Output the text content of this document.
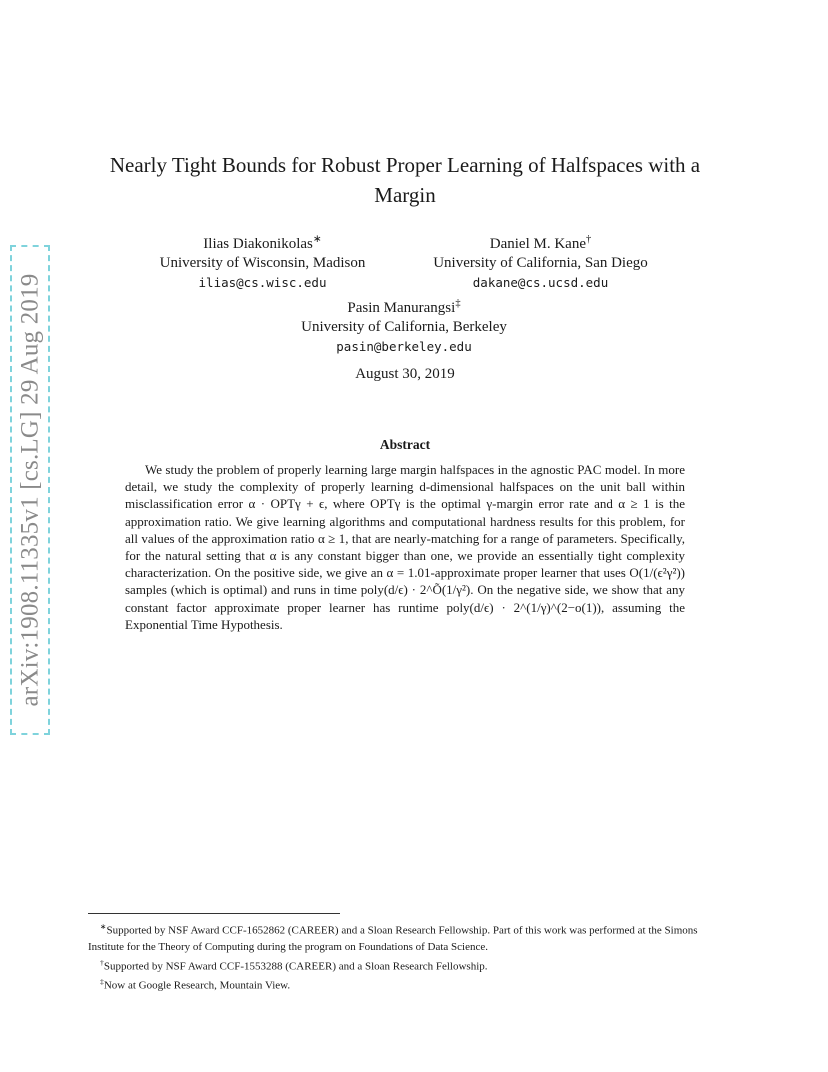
arXiv:1908.11335v1 [cs.LG] 29 Aug 2019
Nearly Tight Bounds for Robust Proper Learning of Halfspaces with a Margin
Ilias Diakonikolas∗
University of Wisconsin, Madison
ilias@cs.wisc.edu
Daniel M. Kane†
University of California, San Diego
dakane@cs.ucsd.edu
Pasin Manurangsi‡
University of California, Berkeley
pasin@berkeley.edu
August 30, 2019
Abstract

We study the problem of properly learning large margin halfspaces in the agnostic PAC model. In more detail, we study the complexity of properly learning d-dimensional halfspaces on the unit ball within misclassification error α · OPTγ + ϵ, where OPTγ is the optimal γ-margin error rate and α ≥ 1 is the approximation ratio. We give learning algorithms and computational hardness results for this problem, for all values of the approximation ratio α ≥ 1, that are nearly-matching for a range of parameters. Specifically, for the natural setting that α is any constant bigger than one, we provide an essentially tight complexity characterization. On the positive side, we give an α = 1.01-approximate proper learner that uses O(1/(ϵ²γ²)) samples (which is optimal) and runs in time poly(d/ϵ) · 2^Õ(1/γ²). On the negative side, we show that any constant factor approximate proper learner has runtime poly(d/ϵ) · 2^(1/γ)^(2−o(1)), assuming the Exponential Time Hypothesis.

∗Supported by NSF Award CCF-1652862 (CAREER) and a Sloan Research Fellowship. Part of this work was performed at the Simons Institute for the Theory of Computing during the program on Foundations of Data Science.

†Supported by NSF Award CCF-1553288 (CAREER) and a Sloan Research Fellowship.

‡Now at Google Research, Mountain View.
